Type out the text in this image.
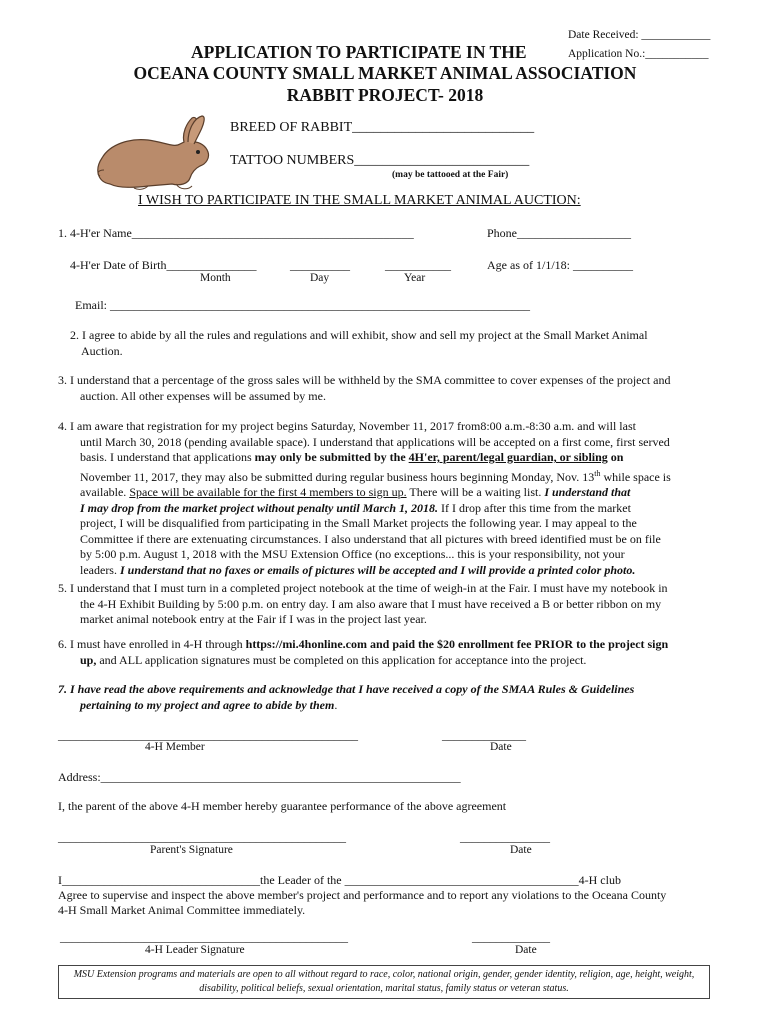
Date Received: ____________
Application No.:___________
APPLICATION TO PARTICIPATE IN THE
OCEANA COUNTY SMALL MARKET ANIMAL ASSOCIATION
RABBIT PROJECT- 2018
BREED OF RABBIT__________________________
TATTOO NUMBERS_________________________
(may be tattooed at the Fair)
I WISH TO PARTICIPATE IN THE SMALL MARKET ANIMAL AUCTION:
1. 4-H'er Name_______________________________________________	Phone___________________
4-H'er Date of Birth_______________	__________	___________	Age as of 1/1/18: __________
Month	Day	Year
Email: ______________________________________________________________________
2. I agree to abide by all the rules and regulations and will exhibit, show and sell my project at the Small Market Animal
Auction.
3. I understand that a percentage of the gross sales will be withheld by the SMA committee to cover expenses of the project and
auction. All other expenses will be assumed by me.
4. I am aware that registration for my project begins Saturday, November 11, 2017 from8:00 a.m.-8:30 a.m. and will last

until March 30, 2018 (pending available space). I understand that applications will be accepted on a first come, first served
basis. I understand that applications may only be submitted by the 4H'er, parent/legal guardian, or sibling on
November 11, 2017, they may also be submitted during regular business hours beginning Monday, Nov. 13th while space is
available. Space will be available for the first 4 members to sign up. There will be a waiting list. I understand that
I may drop from the market project without penalty until March 1, 2018. If I drop after this time from the market
project, I will be disqualified from participating in the Small Market projects the following year. I may appeal to the
Committee if there are extenuating circumstances. I also understand that all pictures with breed identified must be on file
by 5:00 p.m. August 1, 2018 with the MSU Extension Office (no exceptions... this is your responsibility, not your
leaders. I understand that no faxes or emails of pictures will be accepted and I will provide a printed color photo.
5. I understand that I must turn in a completed project notebook at the time of weigh-in at the Fair. I must have my notebook in

the 4-H Exhibit Building by 5:00 p.m. on entry day. I am also aware that I must have received a B or better ribbon on my
market animal notebook entry at the Fair if I was in the project last year.
6. I must have enrolled in 4-H through https://mi.4honline.com and paid the $20 enrollment fee PRIOR to the project sign

up, and ALL application signatures must be completed on this application for acceptance into the project.
7. I have read the above requirements and acknowledge that I have received a copy of the SMAA Rules & Guidelines

pertaining to my project and agree to abide by them.
__________________________________________________
4-H Member
______________
Date
Address:____________________________________________________________
I, the parent of the above 4-H member hereby guarantee performance of the above agreement
________________________________________________
Parent's Signature
_______________
Date
I_________________________________the Leader of the _______________________________________4-H club
Agree to supervise and inspect the above member's project and performance and to report any violations to the Oceana County
4-H Small Market Animal Committee immediately.
________________________________________________
4-H Leader Signature
_____________
Date
MSU Extension programs and materials are open to all without regard to race, color, national origin, gender, gender identity, religion, age, height, weight,
disability, political beliefs, sexual orientation, marital status, family status or veteran status.
